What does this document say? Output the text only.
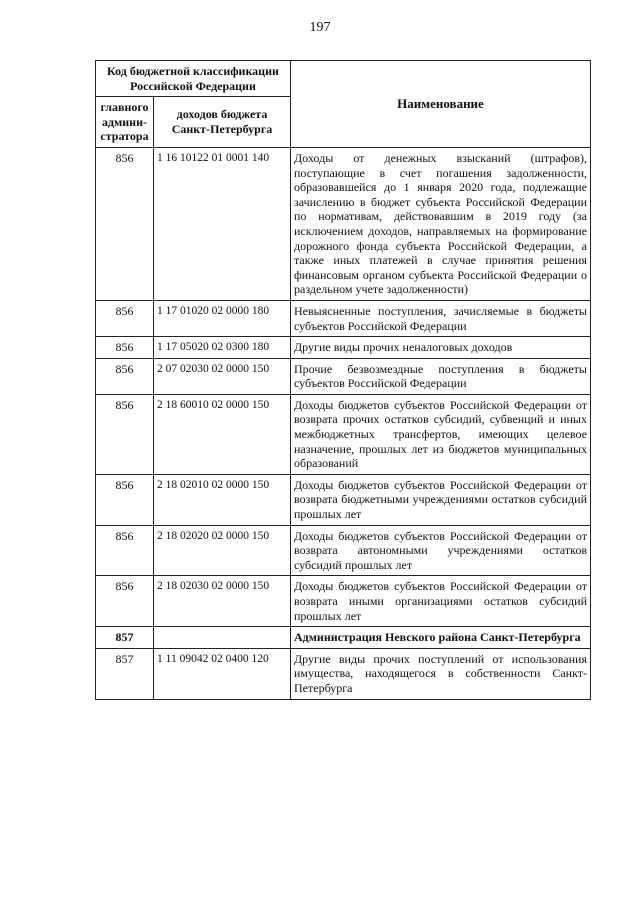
197
Код бюджетной классификации Российской Федерации		Наименование
главного админи-стратора	доходов бюджета Санкт-Петербурга	
856	1 16 10122 01 0001 140	Доходы от денежных взысканий (штрафов), поступающие в счет погашения задолженности, образовавшейся до 1 января 2020 года, подлежащие зачислению в бюджет субъекта Российской Федерации по нормативам, действовавшим в 2019 году (за исключением доходов, направляемых на формирование дорожного фонда субъекта Российской Федерации, а также иных платежей в случае принятия решения финансовым органом субъекта Российской Федерации о раздельном учете задолженности)
856	1 17 01020 02 0000 180	Невыясненные поступления, зачисляемые в бюджеты субъектов Российской Федерации
856	1 17 05020 02 0300 180	Другие виды прочих неналоговых доходов
856	2 07 02030 02 0000 150	Прочие безвозмездные поступления в бюджеты субъектов Российской Федерации
856	2 18 60010 02 0000 150	Доходы бюджетов субъектов Российской Федерации от возврата прочих остатков субсидий, субвенций и иных межбюджетных трансфертов, имеющих целевое назначение, прошлых лет из бюджетов муниципальных образований
856	2 18 02010 02 0000 150	Доходы бюджетов субъектов Российской Федерации от возврата бюджетными учреждениями остатков субсидий прошлых лет
856	2 18 02020 02 0000 150	Доходы бюджетов субъектов Российской Федерации от возврата автономными учреждениями остатков субсидий прошлых лет
856	2 18 02030 02 0000 150	Доходы бюджетов субъектов Российской Федерации от возврата иными организациями остатков субсидий прошлых лет
857		Администрация Невского района Санкт-Петербурга
857	1 11 09042 02 0400 120	Другие виды прочих поступлений от использования имущества, находящегося в собственности Санкт-Петербурга
